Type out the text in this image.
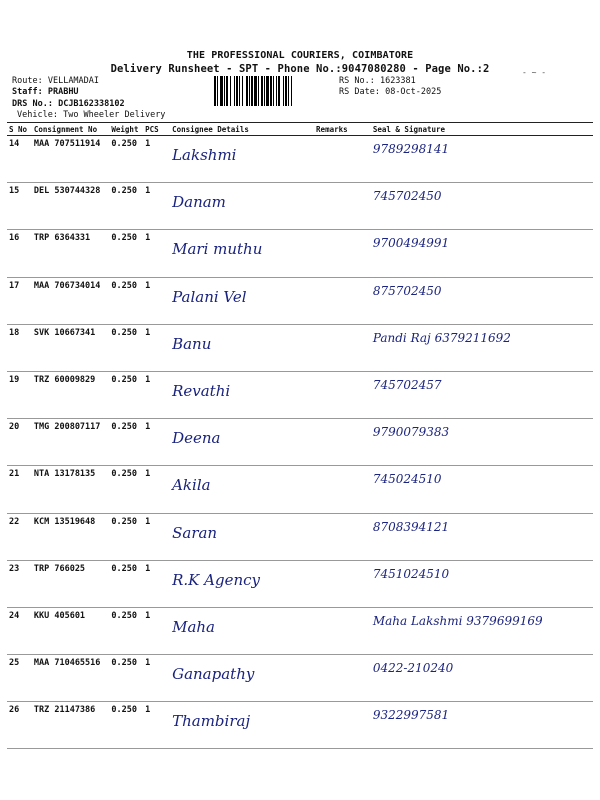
THE PROFESSIONAL COURIERS, COIMBATORE
Delivery Runsheet - SPT - Phone No.:9047080280 - Page No.:2
Route: VELLAMADAI
Staff: PRABHU
DRS No.: DCJB162338102
Vehicle: Two Wheeler Delivery
RS No.: 1623381
RS Date: 08-Oct-2025
- ~ -
S No	Consignment No	Weight	PCS	Consignee Details	Remarks	Seal & Signature
14	MAA 707511914	0.250	1	Lakshmi		9789298141
15	DEL 530744328	0.250	1	Danam		745702450
16	TRP 6364331	0.250	1	Mari muthu		9700494991
17	MAA 706734014	0.250	1	Palani Vel		875702450
18	SVK 10667341	0.250	1	Banu		Pandi Raj 6379211692
19	TRZ 60009829	0.250	1	Revathi		745702457
20	TMG 200807117	0.250	1	Deena		9790079383
21	NTA 13178135	0.250	1	Akila		745024510
22	KCM 13519648	0.250	1	Saran		8708394121
23	TRP 766025	0.250	1	R.K Agency		7451024510
24	KKU 405601	0.250	1	Maha		Maha Lakshmi 9379699169
25	MAA 710465516	0.250	1	Ganapathy		0422-210240
26	TRZ 21147386	0.250	1	Thambiraj		9322997581
